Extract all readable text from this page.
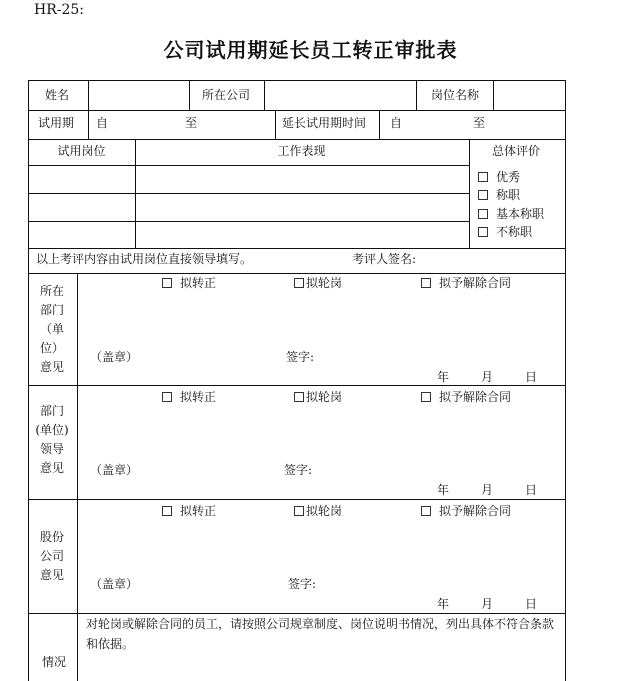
HR-25:
公司试用期延长员工转正审批表
姓名	所在公司	岗位名称
试用期 自	至	延长试用期时间 自	至
试用岗位	工作表现	总体评价
优秀
称职
基本称职
不称职
以上考评内容由试用岗位直接领导填写。	考评人签名:
所在
部门
（单
位）
意见
拟转正	拟轮岗	拟予解除合同
（盖章）	签字:
年	月	日
部门
(单位)
领导
意见
拟转正	拟轮岗	拟予解除合同
（盖章）	签字:
年	月	日
股份
公司
意见
拟转正	拟轮岗	拟予解除合同
（盖章）	签字:
年	月	日
对轮岗或解除合同的员工，请按照公司规章制度、岗位说明书情况，列出具体不符合条款和依据。
情况
